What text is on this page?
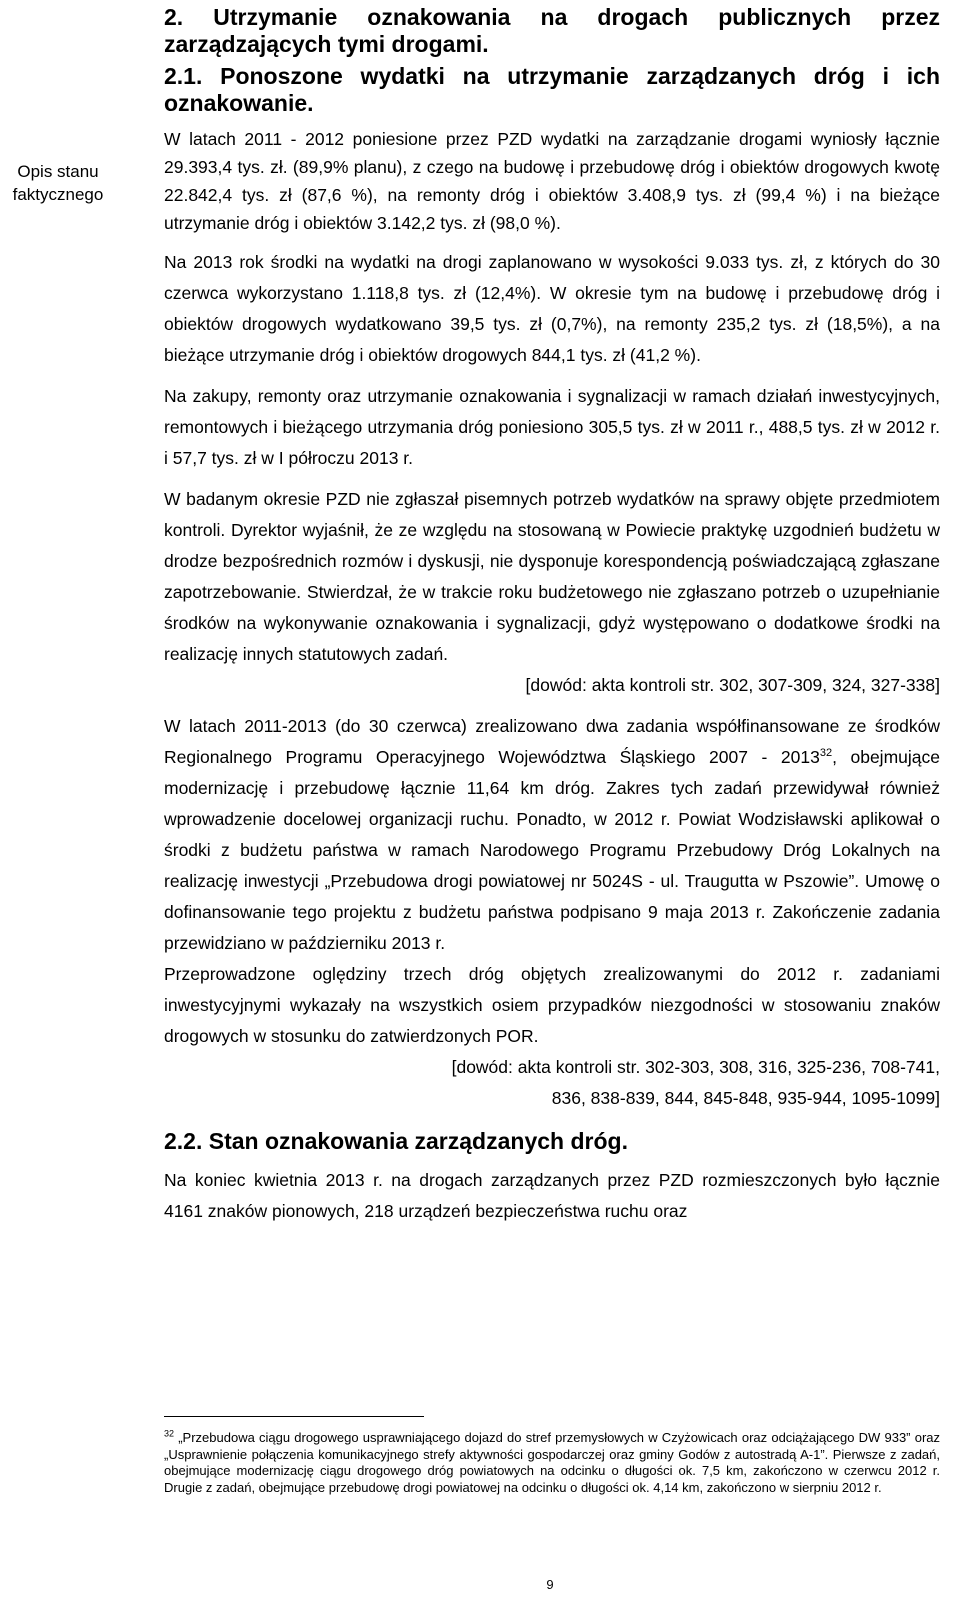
Opis stanu faktycznego
2. Utrzymanie oznakowania na drogach publicznych przez zarządzających tymi drogami.
2.1. Ponoszone wydatki na utrzymanie zarządzanych dróg i ich oznakowanie.

W latach 2011 - 2012 poniesione przez PZD wydatki na zarządzanie drogami wyniosły łącznie 29.393,4 tys. zł. (89,9% planu), z czego na budowę i przebudowę dróg i obiektów drogowych kwotę 22.842,4 tys. zł (87,6 %), na remonty dróg i obiektów 3.408,9 tys. zł (99,4 %) i na bieżące utrzymanie dróg i obiektów 3.142,2 tys. zł (98,0 %).

Na 2013 rok środki na wydatki na drogi zaplanowano w wysokości 9.033 tys. zł, z których do 30 czerwca wykorzystano 1.118,8 tys. zł (12,4%). W okresie tym na budowę i przebudowę dróg i obiektów drogowych wydatkowano 39,5 tys. zł (0,7%), na remonty 235,2 tys. zł (18,5%), a na bieżące utrzymanie dróg i obiektów drogowych 844,1 tys. zł (41,2 %).

Na zakupy, remonty oraz utrzymanie oznakowania i sygnalizacji w ramach działań inwestycyjnych, remontowych i bieżącego utrzymania dróg poniesiono 305,5 tys. zł w 2011 r., 488,5 tys. zł w 2012 r. i 57,7 tys. zł w I półroczu 2013 r.

W badanym okresie PZD nie zgłaszał pisemnych potrzeb wydatków na sprawy objęte przedmiotem kontroli. Dyrektor wyjaśnił, że ze względu na stosowaną w Powiecie praktykę uzgodnień budżetu w drodze bezpośrednich rozmów i dyskusji, nie dysponuje korespondencją poświadczającą zgłaszane zapotrzebowanie. Stwierdzał, że w trakcie roku budżetowego nie zgłaszano potrzeb o uzupełnianie środków na wykonywanie oznakowania i sygnalizacji, gdyż występowano o dodatkowe środki na realizację innych statutowych zadań.

[dowód: akta kontroli str. 302, 307-309, 324, 327-338]

W latach 2011-2013 (do 30 czerwca) zrealizowano dwa zadania współfinansowane ze środków Regionalnego Programu Operacyjnego Województwa Śląskiego 2007 - 2013$^{32}$, obejmujące modernizację i przebudowę łącznie 11,64 km dróg. Zakres tych zadań przewidywał również wprowadzenie docelowej organizacji ruchu. Ponadto, w 2012 r. Powiat Wodzisławski aplikował o środki z budżetu państwa w ramach Narodowego Programu Przebudowy Dróg Lokalnych na realizację inwestycji „Przebudowa drogi powiatowej nr 5024S - ul. Traugutta w Pszowie”. Umowę o dofinansowanie tego projektu z budżetu państwa podpisano 9 maja 2013 r. Zakończenie zadania przewidziano w październiku 2013 r.

Przeprowadzone oględziny trzech dróg objętych zrealizowanymi do 2012 r. zadaniami inwestycyjnymi wykazały na wszystkich osiem przypadków niezgodności w stosowaniu znaków drogowych w stosunku do zatwierdzonych POR.

[dowód: akta kontroli str. 302-303, 308, 316, 325-236, 708-741,

836, 838-839, 844, 845-848, 935-944, 1095-1099]

2.2. Stan oznakowania zarządzanych dróg.

Na koniec kwietnia 2013 r. na drogach zarządzanych przez PZD rozmieszczonych było łącznie 4161 znaków pionowych, 218 urządzeń bezpieczeństwa ruchu oraz

$^{32}$ „Przebudowa ciągu drogowego usprawniającego dojazd do stref przemysłowych w Czyżowicach oraz odciążającego DW 933” oraz „Usprawnienie połączenia komunikacyjnego strefy aktywności gospodarczej oraz gminy Godów z autostradą A-1”. Pierwsze z zadań, obejmujące modernizację ciągu drogowego dróg powiatowych na odcinku o długości ok. 7,5 km, zakończono w czerwcu 2012 r. Drugie z zadań, obejmujące przebudowę drogi powiatowej na odcinku o długości ok. 4,14 km, zakończono w sierpniu 2012 r.
9
